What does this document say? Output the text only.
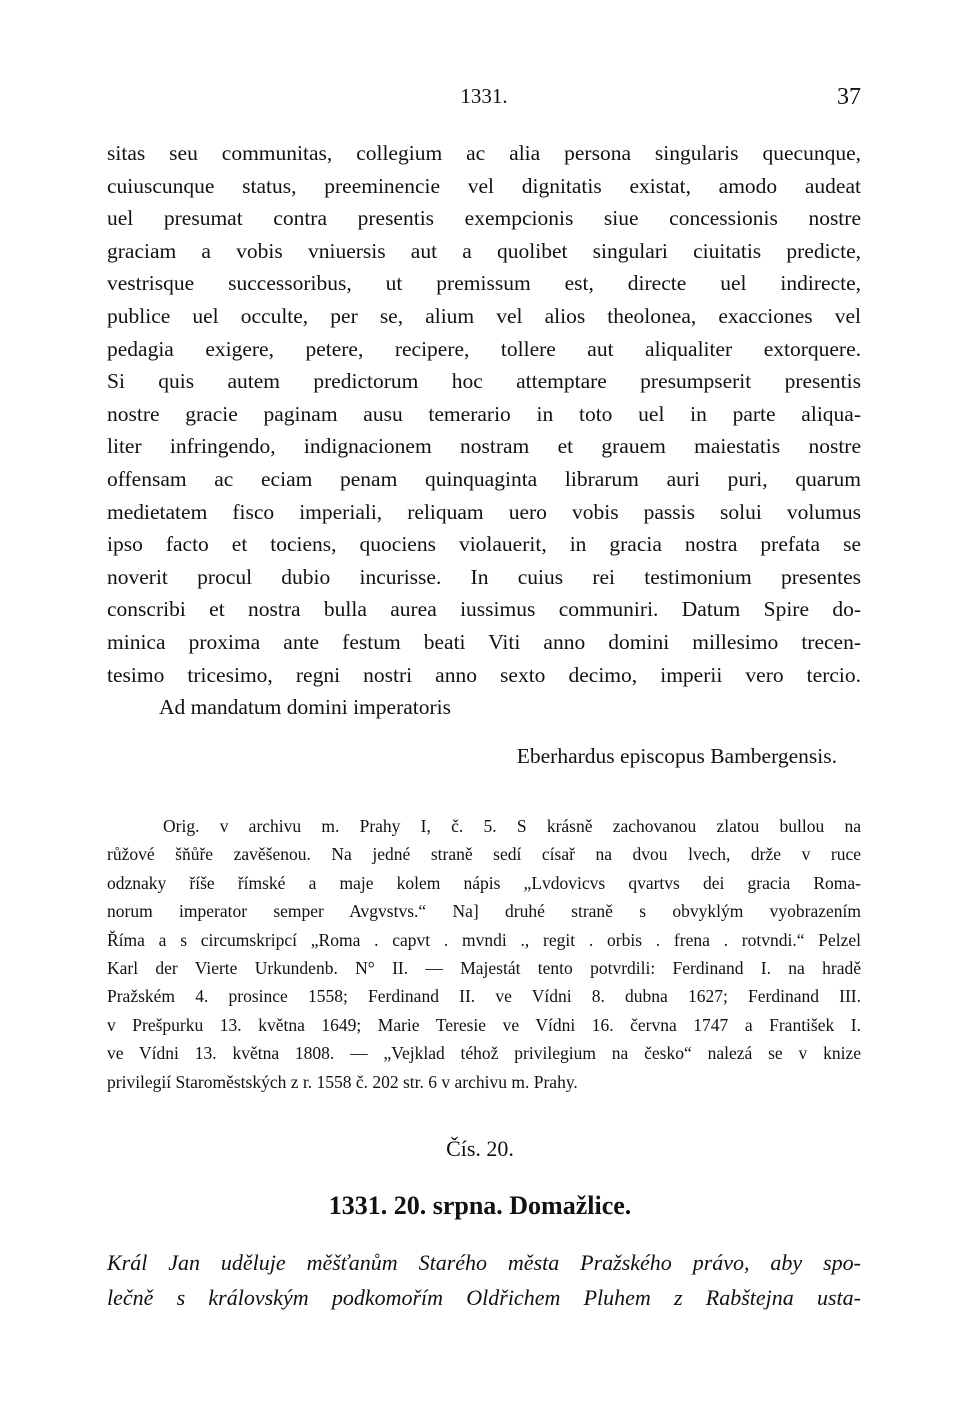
1331.	37
sitas seu communitas, collegium ac alia persona singularis quecunque,
cuiuscunque status, preeminencie vel dignitatis existat, amodo audeat
uel presumat contra presentis exempcionis siue concessionis nostre
graciam a vobis vniuersis aut a quolibet singulari ciuitatis predicte,
vestrisque successoribus, ut premissum est, directe uel indirecte,
publice uel occulte, per se, alium vel alios theolonea, exacciones vel
pedagia exigere, petere, recipere, tollere aut aliqualiter extorquere.
Si quis autem predictorum hoc attemptare presumpserit presentis
nostre gracie paginam ausu temerario in toto uel in parte aliqua-
liter infringendo, indignacionem nostram et grauem maiestatis nostre
offensam ac eciam penam quinquaginta librarum auri puri, quarum
medietatem fisco imperiali, reliquam uero vobis passis solui volumus
ipso facto et tociens, quociens violauerit, in gracia nostra prefata se
noverit procul dubio incurisse. In cuius rei testimonium presentes
conscribi et nostra bulla aurea iussimus communiri. Datum Spire do-
minica proxima ante festum beati Viti anno domini millesimo trecen-
tesimo tricesimo, regni nostri anno sexto decimo, imperii vero tercio.
Ad mandatum domini imperatoris
Eberhardus episcopus Bambergensis.
Orig. v archivu m. Prahy I, č. 5. S krásně zachovanou zlatou bullou na
růžové šňůře zavěšenou. Na jedné straně sedí císař na dvou lvech, drže v ruce
odznaky říše římské a maje kolem nápis „Lvdovicvs qvartvs dei gracia Roma-
norum imperator semper Avgvstvs.“ Na] druhé straně s obvyklým vyobrazením
Říma a s circumskripcí „Roma . capvt . mvndi ., regit . orbis . frena . rotvndi.“ Pelzel
Karl der Vierte Urkundenb. N° II. — Majestát tento potvrdili: Ferdinand I. na hradě
Pražském 4. prosince 1558; Ferdinand II. ve Vídni 8. dubna 1627; Ferdinand III.
v Prešpurku 13. května 1649; Marie Teresie ve Vídni 16. června 1747 a František I.
ve Vídni 13. května 1808. — „Vejklad téhož privilegium na česko“ nalezá se v knize
privilegií Staroměstských z r. 1558 č. 202 str. 6 v archivu m. Prahy.
Čís. 20.
1331. 20. srpna. Domažlice.
Král Jan uděluje měšťanům Starého města Pražského právo, aby spo-
lečně s královským podkomořím Oldřichem Pluhem z Rabštejna usta-
